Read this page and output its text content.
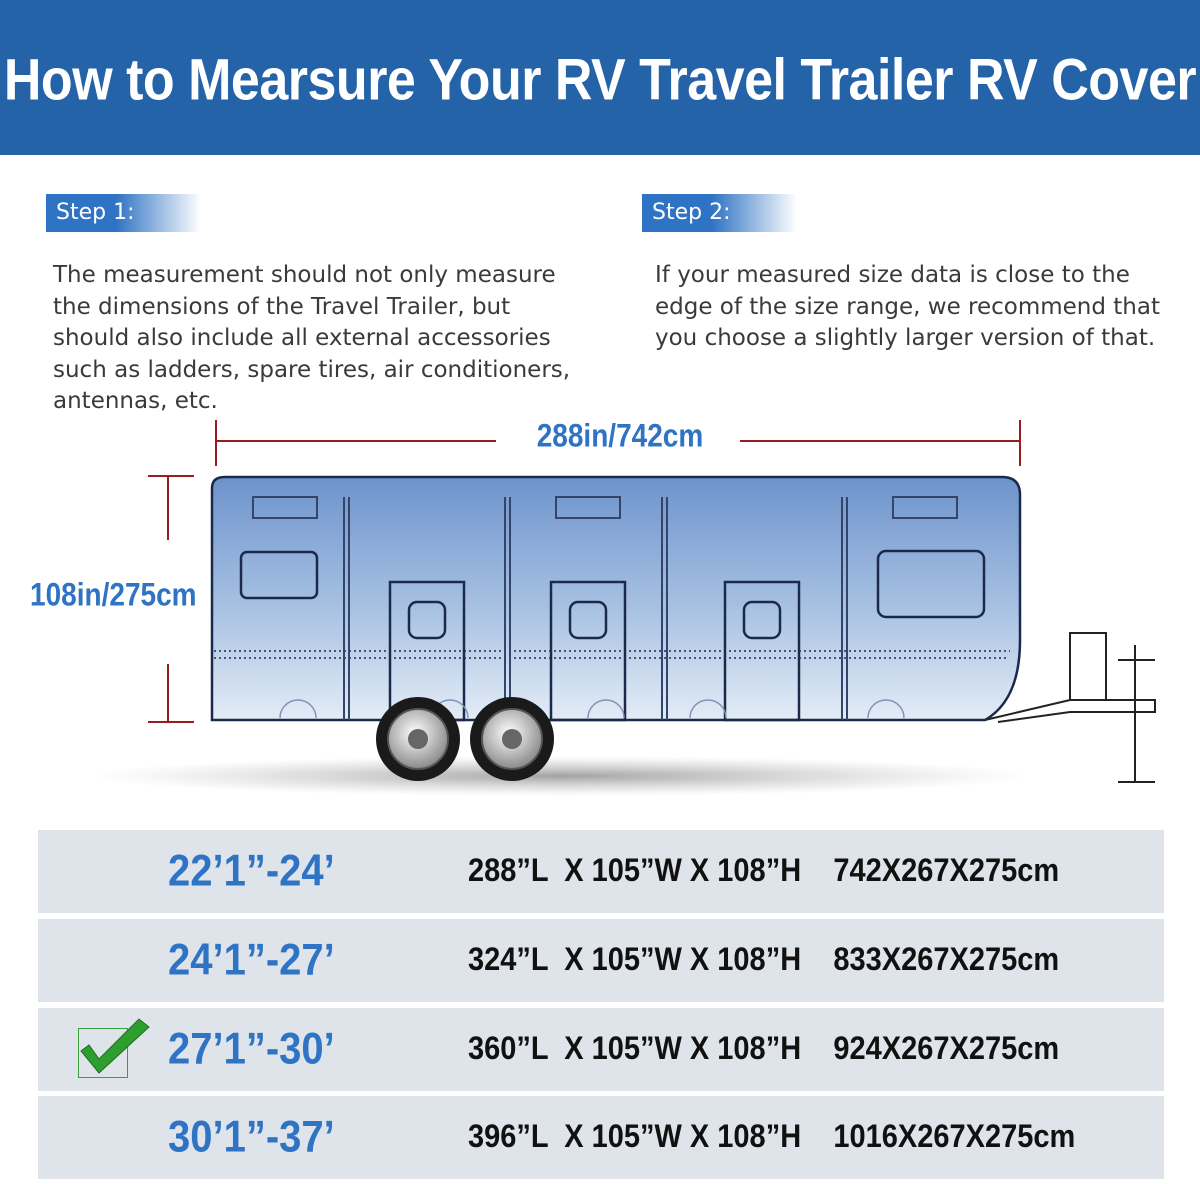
How to Mearsure Your RV Travel Trailer RV Cover
Step 1:
The measurement should not only measure the dimensions of the Travel Trailer, but should also include all external accessories such as ladders, spare tires, air conditioners, antennas, etc.
Step 2:
If your measured size data is close to the edge of the size range, we recommend that you choose a slightly larger version of that.
288in/742cm
108in/275cm
22’1”-24’	288”L  X 105”W X 108”H    742X267X275cm
24’1”-27’	324”L  X 105”W X 108”H    833X267X275cm
27’1”-30’	360”L  X 105”W X 108”H    924X267X275cm
30’1”-37’	396”L  X 105”W X 108”H    1016X267X275cm
